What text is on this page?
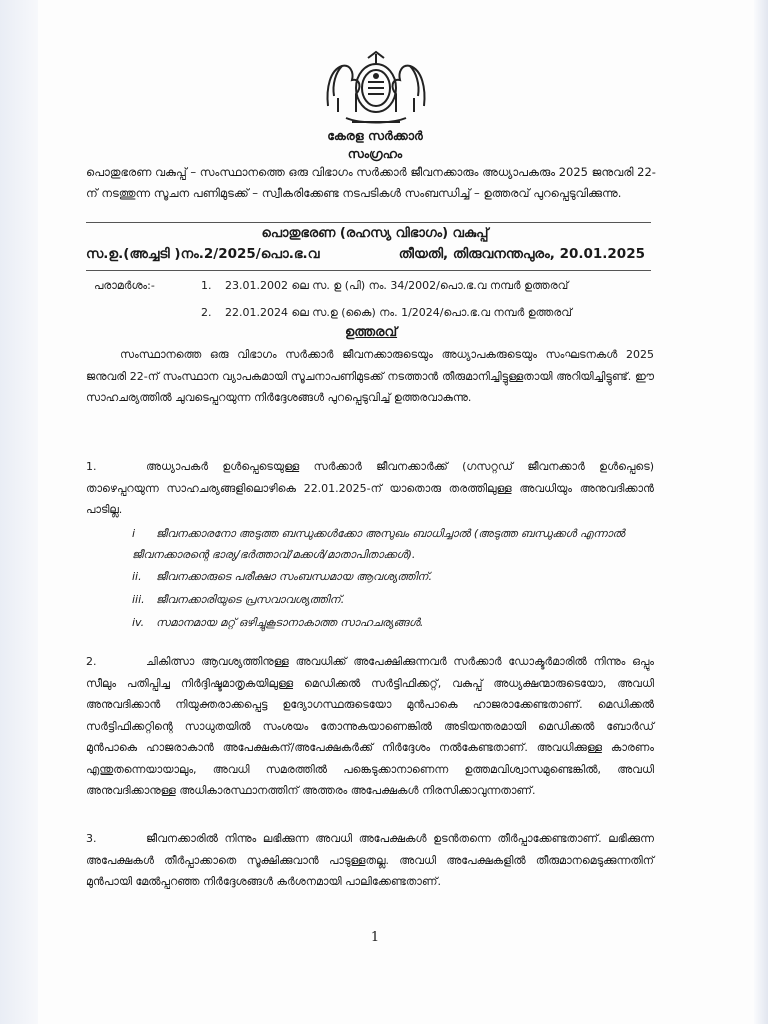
കേരള സർക്കാർ
സംഗ്രഹം
പൊതുഭരണ വകുപ്പ് – സംസ്ഥാനത്തെ ഒരു വിഭാഗം സർക്കാർ ജീവനക്കാരും അധ്യാപകരും 2025 ജനുവരി 22-ന് നടത്തുന്ന സൂചന പണിമുടക്ക് – സ്വീകരിക്കേണ്ട നടപടികൾ സംബന്ധിച്ച് – ഉത്തരവ് പുറപ്പെടുവിക്കുന്നു.
പൊതുഭരണ (രഹസ്യ വിഭാഗം) വകുപ്പ്
സ.ഉ.(അച്ചടി )നം.2/2025/പൊ.ഭ.വ	തീയതി, തിരുവനന്തപുരം, 20.01.2025
പരാമർശം:-	1. 23.01.2002 ലെ സ. ഉ (പി) നം. 34/2002/പൊ.ഭ.വ നമ്പർ ഉത്തരവ്
2. 22.01.2024 ലെ സ.ഉ (കൈ) നം. 1/2024/പൊ.ഭ.വ നമ്പർ ഉത്തരവ്
ഉത്തരവ്
സംസ്ഥാനത്തെ ഒരു വിഭാഗം സർക്കാർ ജീവനക്കാരുടെയും അധ്യാപകരുടെയും സംഘടനകൾ 2025 ജനുവരി 22-ന് സംസ്ഥാന വ്യാപകമായി സൂചനാപണിമുടക്ക് നടത്താൻ തീരുമാനിച്ചിട്ടുള്ളതായി അറിയിച്ചിട്ടുണ്ട്. ഈ സാഹചര്യത്തിൽ ചുവടെപ്പറയുന്ന നിർദ്ദേശങ്ങൾ പുറപ്പെടുവിച്ച് ഉത്തരവാകുന്നു.
1.	അധ്യാപകർ ഉൾപ്പെടെയുള്ള സർക്കാർ ജീവനക്കാർക്ക് (ഗസറ്റഡ് ജീവനക്കാർ ഉൾപ്പെടെ) താഴെപ്പറയുന്ന സാഹചര്യങ്ങളിലൊഴികെ 22.01.2025-ന് യാതൊരു തരത്തിലുള്ള അവധിയും അനുവദിക്കാൻ പാടില്ല.
i ജീവനക്കാരനോ അടുത്ത ബന്ധുക്കൾക്കോ അസുഖം ബാധിച്ചാൽ (അടുത്ത ബന്ധുക്കൾ എന്നാൽ ജീവനക്കാരന്റെ ഭാര്യ/ഭർത്താവ്/മക്കൾ/മാതാപിതാക്കൾ).
ii. ജീവനക്കാരുടെ പരീക്ഷാ സംബന്ധമായ ആവശ്യത്തിന്.
iii. ജീവനക്കാരിയുടെ പ്രസവാവശ്യത്തിന്.
iv. സമാനമായ മറ്റ് ഒഴിച്ചുകൂടാനാകാത്ത സാഹചര്യങ്ങൾ.
2.	ചികിത്സാ ആവശ്യത്തിനുള്ള അവധിക്ക് അപേക്ഷിക്കുന്നവർ സർക്കാർ ഡോക്ടർമാരിൽ നിന്നും ഒപ്പും സീലും പതിപ്പിച്ച നിർദ്ദിഷ്ടമാതൃകയിലുള്ള മെഡിക്കൽ സർട്ടിഫിക്കറ്റ്, വകുപ്പ് അധ്യക്ഷന്മാരുടെയോ, അവധി അനുവദിക്കാൻ നിയുക്തരാക്കപ്പെട്ട ഉദ്യോഗസ്ഥരുടെയോ മുൻപാകെ ഹാജരാക്കേണ്ടതാണ്. മെഡിക്കൽ സർട്ടിഫിക്കറ്റിന്റെ സാധുതയിൽ സംശയം തോന്നുകയാണെങ്കിൽ അടിയന്തരമായി മെഡിക്കൽ ബോർഡ് മുൻപാകെ ഹാജരാകാൻ അപേക്ഷകന്/അപേക്ഷകർക്ക് നിർദ്ദേശം നൽകേണ്ടതാണ്. അവധിക്കുള്ള കാരണം എന്തുതന്നെയായാലും, അവധി സമരത്തിൽ പങ്കെടുക്കാനാണെന്ന ഉത്തമവിശ്വാസമുണ്ടെങ്കിൽ, അവധി അനുവദിക്കാനുള്ള അധികാരസ്ഥാനത്തിന് അത്തരം അപേക്ഷകൾ നിരസിക്കാവുന്നതാണ്.
3.	ജീവനക്കാരിൽ നിന്നും ലഭിക്കുന്ന അവധി അപേക്ഷകൾ ഉടൻതന്നെ തീർപ്പാക്കേണ്ടതാണ്. ലഭിക്കുന്ന അപേക്ഷകൾ തീർപ്പാക്കാതെ സൂക്ഷിക്കുവാൻ പാടുള്ളതല്ല. അവധി അപേക്ഷകളിൽ തീരുമാനമെടുക്കുന്നതിന് മുൻപായി മേൽപ്പറഞ്ഞ നിർദ്ദേശങ്ങൾ കർശനമായി പാലിക്കേണ്ടതാണ്.
1
